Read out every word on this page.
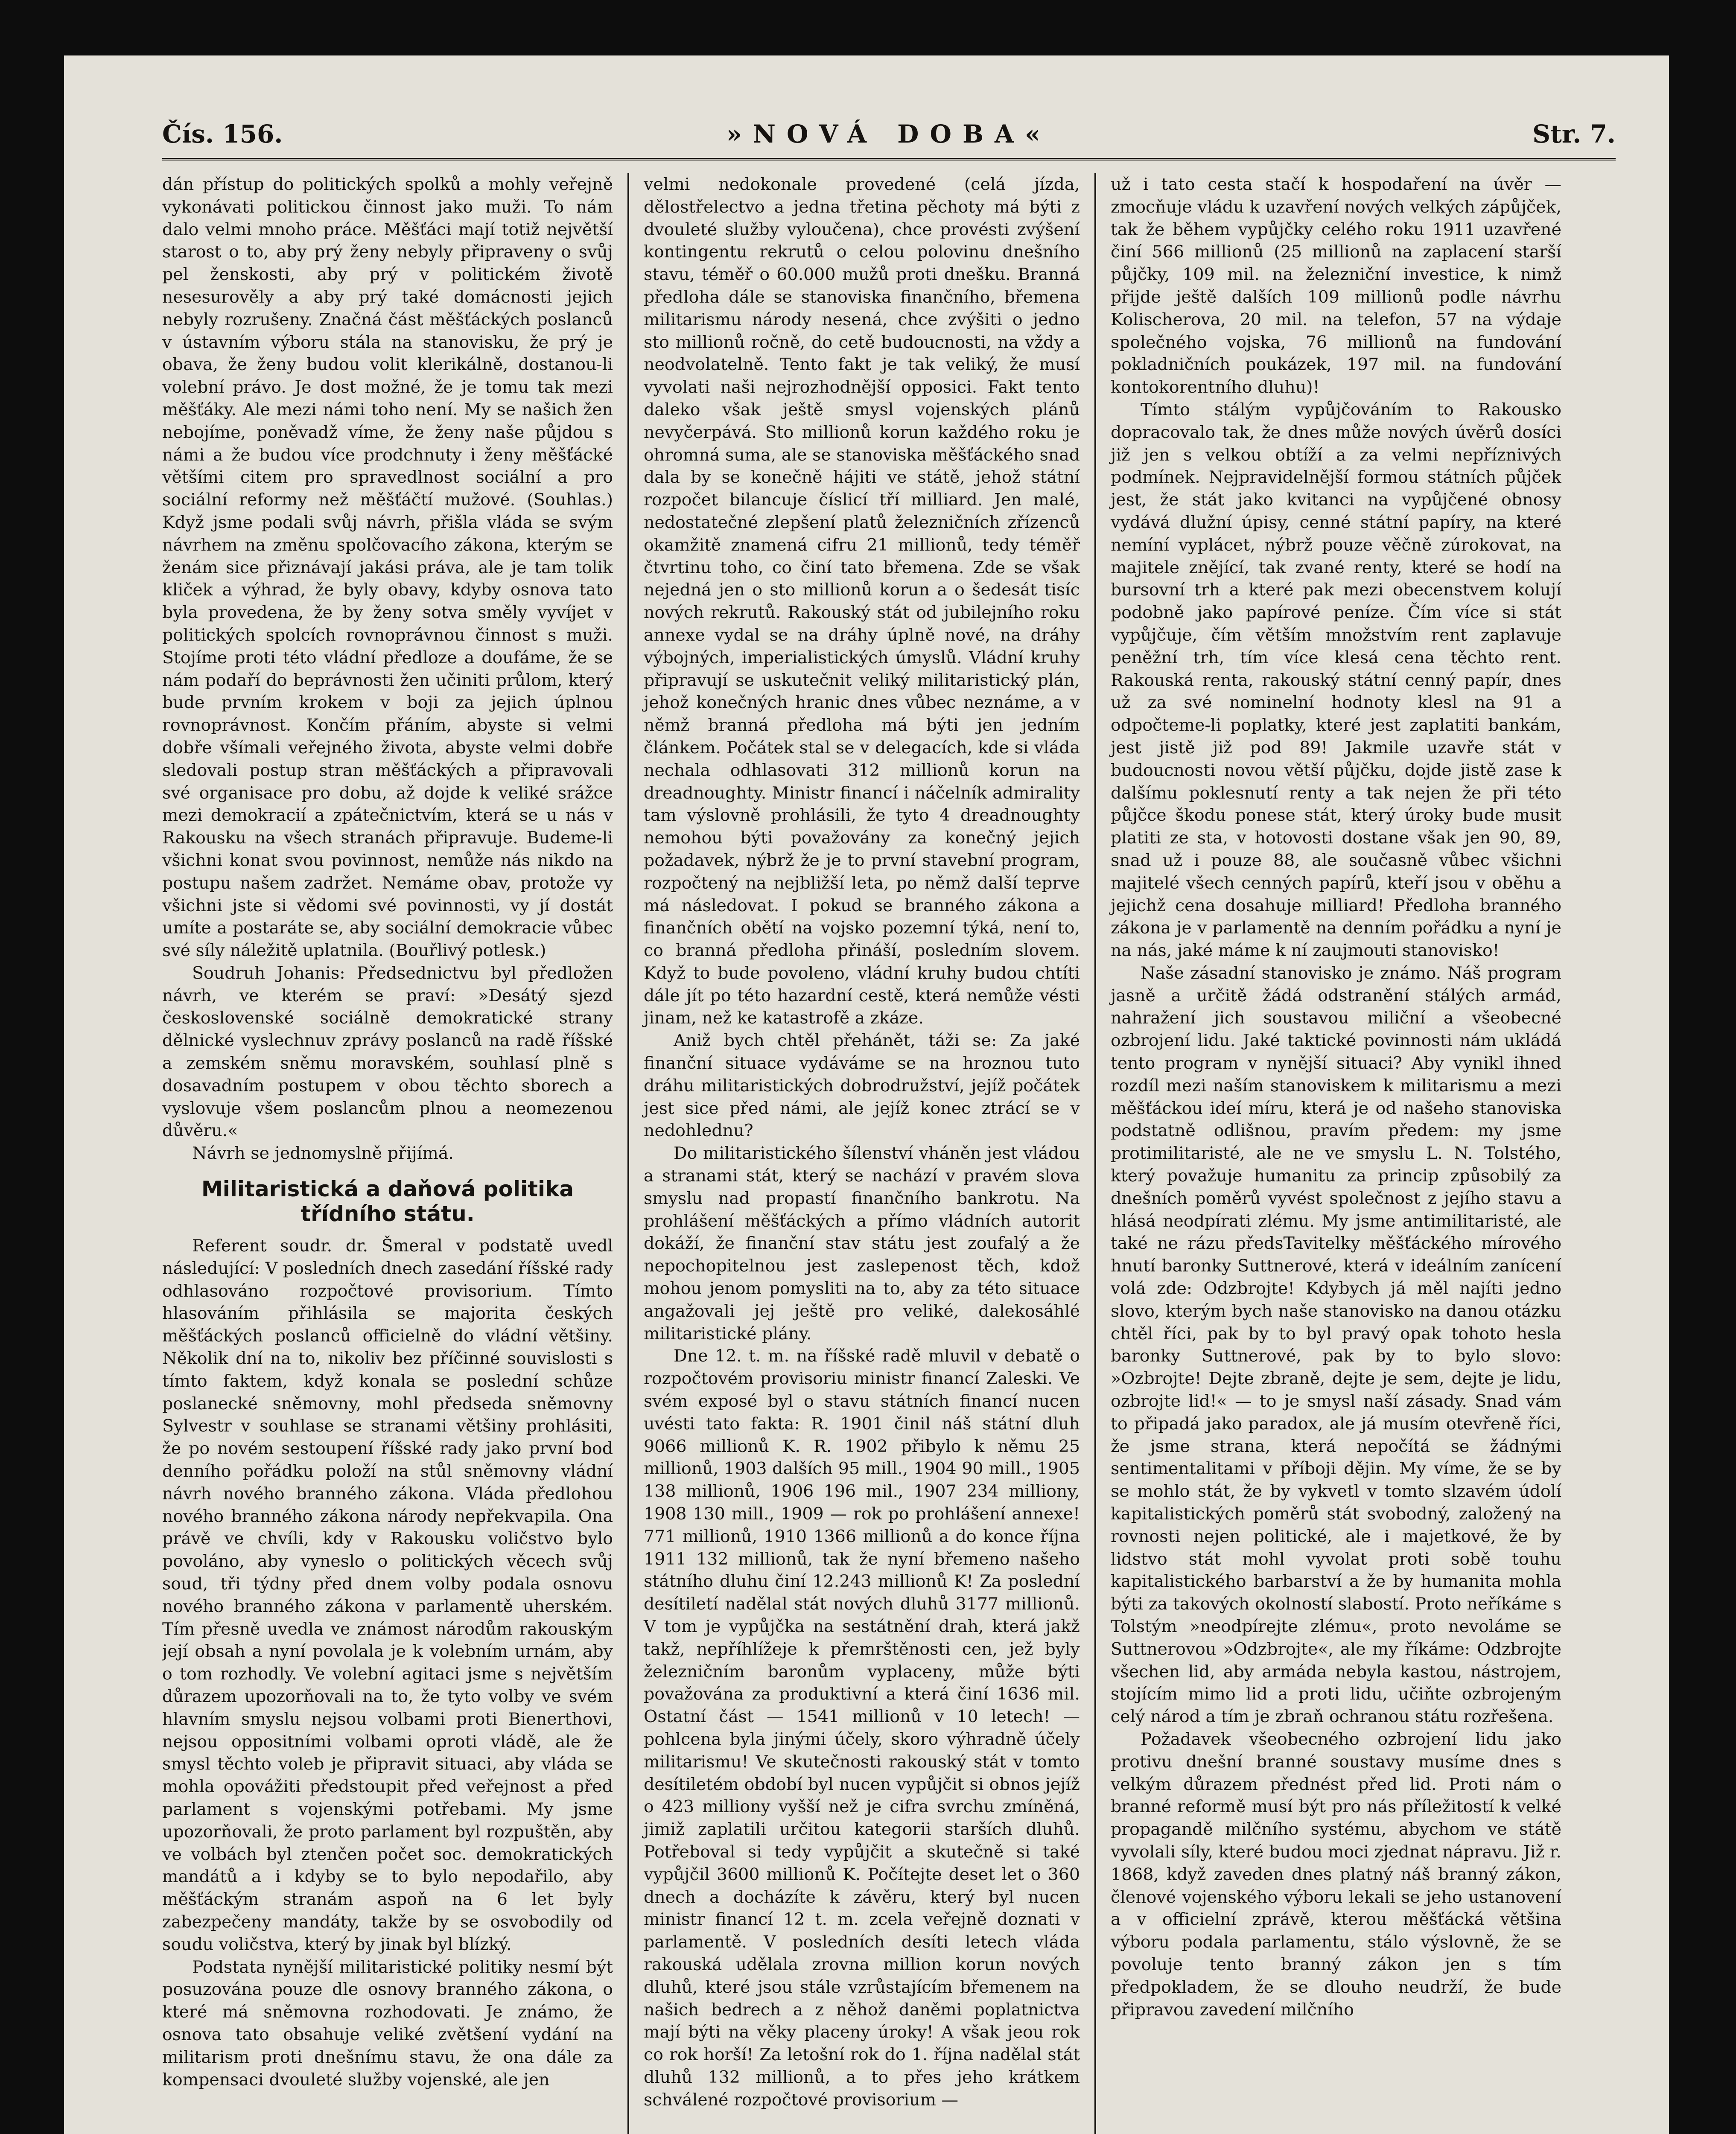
Čís. 156.	»NOVÁ DOBA«	Str. 7.

dán přístup do politických spolků a mohly veřejně vykonávati politickou činnost jako muži. To nám dalo velmi mnoho práce. Měšťáci mají totiž největší starost o to, aby prý ženy nebyly připraveny o svůj pel ženskosti, aby prý v politickém životě nesesurověly a aby prý také domácnosti jejich nebyly rozrušeny. Značná část měšťáckých poslanců v ústavním výboru stála na stanovisku, že prý je obava, že ženy budou volit klerikálně, dostanou-li volební právo. Je dost možné, že je tomu tak mezi měšťáky. Ale mezi námi toho není. My se našich žen nebojíme, poněvadž víme, že ženy naše půjdou s námi a že budou více prodchnuty i ženy měšťácké většími citem pro spravedlnost sociální a pro sociální reformy než měšťáčtí mužové. (Souhlas.) Když jsme podali svůj návrh, přišla vláda se svým návrhem na změnu spolčovacího zákona, kterým se ženám sice přiznávají jakási práva, ale je tam tolik kliček a výhrad, že byly obavy, kdyby osnova tato byla provedena, že by ženy sotva směly vyvíjet v politických spolcích rovnoprávnou činnost s muži. Stojíme proti této vládní předloze a doufáme, že se nám podaří do beprávnosti žen učiniti průlom, který bude prvním krokem v boji za jejich úplnou rovnoprávnost. Končím přáním, abyste si velmi dobře všímali veřejného života, abyste velmi dobře sledovali postup stran měšťáckých a připravovali své organisace pro dobu, až dojde k veliké srážce mezi demokracií a zpátečnictvím, která se u nás v Rakousku na všech stranách připravuje. Budeme-li všichni konat svou povinnost, nemůže nás nikdo na postupu našem zadržet. Nemáme obav, protože vy všichni jste si vědomi své povinnosti, vy jí dostát umíte a postaráte se, aby sociální demokracie vůbec své síly náležitě uplatnila. (Bouřlivý potlesk.)

Soudruh Johanis: Předsednictvu byl předložen návrh, ve kterém se praví: »Desátý sjezd československé sociálně demokratické strany dělnické vyslechnuv zprávy poslanců na radě říšské a zemském sněmu moravském, souhlasí plně s dosavadním postupem v obou těchto sborech a vyslovuje všem poslancům plnou a neomezenou důvěru.«

Návrh se jednomyslně přijímá.

Militaristická a daňová politika třídního státu.

Referent soudr. dr. Šmeral v podstatě uvedl následující: V posledních dnech zasedání říšské rady odhlasováno rozpočtové provisorium. Tímto hlasováním přihlásila se majorita českých měšťáckých poslanců officielně do vládní většiny. Několik dní na to, nikoliv bez příčinné souvislosti s tímto faktem, když konala se poslední schůze poslanecké sněmovny, mohl předseda sněmovny Sylvestr v souhlase se stranami většiny prohlásiti, že po novém sestoupení říšské rady jako první bod denního pořádku položí na stůl sněmovny vládní návrh nového branného zákona. Vláda předlohou nového branného zákona národy nepřekvapila. Ona právě ve chvíli, kdy v Rakousku voličstvo bylo povoláno, aby vyneslo o politických věcech svůj soud, tři týdny před dnem volby podala osnovu nového branného zákona v parlamentě uherském. Tím přesně uvedla ve známost národům rakouským její obsah a nyní povolala je k volebním urnám, aby o tom rozhodly. Ve volební agitaci jsme s největším důrazem upozorňovali na to, že tyto volby ve svém hlavním smyslu nejsou volbami proti Bienerthovi, nejsou oppositními volbami oproti vládě, ale že smysl těchto voleb je připravit situaci, aby vláda se mohla opovážiti předstoupit před veřejnost a před parlament s vojenskými potřebami. My jsme upozorňovali, že proto parlament byl rozpuštěn, aby ve volbách byl ztenčen počet soc. demokratických mandátů a i kdyby se to bylo nepodařilo, aby měšťáckým stranám aspoň na 6 let byly zabezpečeny mandáty, takže by se osvobodily od soudu voličstva, který by jinak byl blízký.

Podstata nynější militaristické politiky nesmí být posuzována pouze dle osnovy branného zákona, o které má sněmovna rozhodovati. Je známo, že osnova tato obsahuje veliké zvětšení vydání na militarism proti dnešnímu stavu, že ona dále za kompensaci dvouleté služby vojenské, ale jen

velmi nedokonale provedené (celá jízda, dělostřelectvo a jedna třetina pěchoty má býti z dvouleté služby vyloučena), chce provésti zvýšení kontingentu rekrutů o celou polovinu dnešního stavu, téměř o 60.000 mužů proti dnešku. Branná předloha dále se stanoviska finančního, břemena militarismu národy nesená, chce zvýšiti o jedno sto millionů ročně, do cetě budoucnosti, na vždy a neodvolatelně. Tento fakt je tak veliký, že musí vyvolati naši nejrozhodnější opposici. Fakt tento daleko však ještě smysl vojenských plánů nevyčerpává. Sto millionů korun každého roku je ohromná suma, ale se stanoviska měšťáckého snad dala by se konečně hájiti ve státě, jehož státní rozpočet bilancuje číslicí tří milliard. Jen malé, nedostatečné zlepšení platů železničních zřízenců okamžitě znamená cifru 21 millionů, tedy téměř čtvrtinu toho, co činí tato břemena. Zde se však nejedná jen o sto millionů korun a o šedesát tisíc nových rekrutů. Rakouský stát od jubilejního roku annexe vydal se na dráhy úplně nové, na dráhy výbojných, imperialistických úmyslů. Vládní kruhy připravují se uskutečnit veliký militaristický plán, jehož konečných hranic dnes vůbec neznáme, a v němž branná předloha má býti jen jedním článkem. Počátek stal se v delegacích, kde si vláda nechala odhlasovati 312 millionů korun na dreadnoughty. Ministr financí i náčelník admirality tam výslovně prohlásili, že tyto 4 dreadnoughty nemohou býti považovány za konečný jejich požadavek, nýbrž že je to první stavební program, rozpočtený na nejbližší leta, po němž další teprve má následovat. I pokud se branného zákona a finančních obětí na vojsko pozemní týká, není to, co branná předloha přináší, posledním slovem. Když to bude povoleno, vládní kruhy budou chtíti dále jít po této hazardní cestě, která nemůže vésti jinam, než ke katastrofě a zkáze.

Aniž bych chtěl přehánět, táži se: Za jaké finanční situace vydáváme se na hroznou tuto dráhu militaristických dobrodružství, jejíž počátek jest sice před námi, ale jejíž konec ztrácí se v nedohlednu?

Do militaristického šílenství vháněn jest vládou a stranami stát, který se nachází v pravém slova smyslu nad propastí finančního bankrotu. Na prohlášení měšťáckých a přímo vládních autorit dokáží, že finanční stav státu jest zoufalý a že nepochopitelnou jest zaslepenost těch, kdož mohou jenom pomysliti na to, aby za této situace angažovali jej ještě pro veliké, dalekosáhlé militaristické plány.

Dne 12. t. m. na říšské radě mluvil v debatě o rozpočtovém provisoriu ministr financí Zaleski. Ve svém exposé byl o stavu státních financí nucen uvésti tato fakta: R. 1901 činil náš státní dluh 9066 millionů K. R. 1902 přibylo k němu 25 millionů, 1903 dalších 95 mill., 1904 90 mill., 1905 138 millionů, 1906 196 mil., 1907 234 milliony, 1908 130 mill., 1909 — rok po prohlášení annexe! 771 millionů, 1910 1366 millionů a do konce října 1911 132 millionů, tak že nyní břemeno našeho státního dluhu činí 12.243 millionů K! Za poslední desítiletí nadělal stát nových dluhů 3177 millionů. V tom je vypůjčka na sestátnění drah, která jakž takž, nepříhlížeje k přemrštěnosti cen, jež byly železničním baronům vyplaceny, může býti považována za produktivní a která činí 1636 mil. Ostatní část — 1541 millionů v 10 letech! — pohlcena byla jinými účely, skoro výhradně účely militarismu! Ve skutečnosti rakouský stát v tomto desítiletém období byl nucen vypůjčit si obnos jejíž o 423 milliony vyšší než je cifra svrchu zmíněná, jimiž zaplatili určitou kategorii starších dluhů. Potřeboval si tedy vypůjčit a skutečně si také vypůjčil 3600 millionů K. Počítejte deset let o 360 dnech a docházíte k závěru, který byl nucen ministr financí 12 t. m. zcela veřejně doznati v parlamentě. V posledních desíti letech vláda rakouská udělala zrovna million korun nových dluhů, které jsou stále vzrůstajícím břemenem na našich bedrech a z něhož daněmi poplatnictva mají býti na věky placeny úroky! A však jeou rok co rok horší! Za letošní rok do 1. října nadělal stát dluhů 132 millionů, a to přes jeho krátkem schválené rozpočtové provisorium —

už i tato cesta stačí k hospodaření na úvěr — zmocňuje vládu k uzavření nových velkých zápůjček, tak že během vypůjčky celého roku 1911 uzavřené činí 566 millionů (25 millionů na zaplacení starší půjčky, 109 mil. na železniční investice, k nimž přijde ještě dalších 109 millionů podle návrhu Kolischerova, 20 mil. na telefon, 57 na výdaje společného vojska, 76 millionů na fundování pokladničních poukázek, 197 mil. na fundování kontokorentního dluhu)!

Tímto stálým vypůjčováním to Rakousko dopracovalo tak, že dnes může nových úvěrů dosíci již jen s velkou obtíží a za velmi nepříznivých podmínek. Nejpravidelnější formou státních půjček jest, že stát jako kvitanci na vypůjčené obnosy vydává dlužní úpisy, cenné státní papíry, na které nemíní vyplácet, nýbrž pouze věčně zúrokovat, na majitele znějící, tak zvané renty, které se hodí na bursovní trh a které pak mezi obecenstvem kolují podobně jako papírové peníze. Čím více si stát vypůjčuje, čím větším množstvím rent zaplavuje peněžní trh, tím více klesá cena těchto rent. Rakouská renta, rakouský státní cenný papír, dnes už za své nominelní hodnoty klesl na 91 a odpočteme-li poplatky, které jest zaplatiti bankám, jest jistě již pod 89! Jakmile uzavře stát v budoucnosti novou větší půjčku, dojde jistě zase k dalšímu poklesnutí renty a tak nejen že při této půjčce škodu ponese stát, který úroky bude musit platiti ze sta, v hotovosti dostane však jen 90, 89, snad už i pouze 88, ale současně vůbec všichni majitelé všech cenných papírů, kteří jsou v oběhu a jejichž cena dosahuje milliard! Předloha branného zákona je v parlamentě na denním pořádku a nyní je na nás, jaké máme k ní zaujmouti stanovisko!

Naše zásadní stanovisko je známo. Náš program jasně a určitě žádá odstranění stálých armád, nahražení jich soustavou miliční a všeobecné ozbrojení lidu. Jaké taktické povinnosti nám ukládá tento program v nynější situaci? Aby vynikl ihned rozdíl mezi naším stanoviskem k militarismu a mezi měšťáckou ideí míru, která je od našeho stanoviska podstatně odlišnou, pravím předem: my jsme protimilitaristé, ale ne ve smyslu L. N. Tolstého, který považuje humanitu za princip způsobilý za dnešních poměrů vyvést společnost z jejího stavu a hlásá neodpírati zlému. My jsme antimilitaristé, ale také ne rázu předsTavitelky měšťáckého mírového hnutí baronky Suttnerové, která v ideálním zanícení volá zde: Odzbrojte! Kdybych já měl najíti jedno slovo, kterým bych naše stanovisko na danou otázku chtěl říci, pak by to byl pravý opak tohoto hesla baronky Suttnerové, pak by to bylo slovo: »Ozbrojte! Dejte zbraně, dejte je sem, dejte je lidu, ozbrojte lid!« — to je smysl naší zásady. Snad vám to připadá jako paradox, ale já musím otevřeně říci, že jsme strana, která nepočítá se žádnými sentimentalitami v příboji dějin. My víme, že se by se mohlo stát, že by vykvetl v tomto slzavém údolí kapitalistických poměrů stát svobodný, založený na rovnosti nejen politické, ale i majetkové, že by lidstvo stát mohl vyvolat proti sobě touhu kapitalistického barbarství a že by humanita mohla býti za takových okolností slabostí. Proto neříkáme s Tolstým »neodpírejte zlému«, proto nevoláme se Suttnerovou »Odzbrojte«, ale my říkáme: Odzbrojte všechen lid, aby armáda nebyla kastou, nástrojem, stojícím mimo lid a proti lidu, učiňte ozbrojeným celý národ a tím je zbraň ochranou státu rozřešena.

Požadavek všeobecného ozbrojení lidu jako protivu dnešní branné soustavy musíme dnes s velkým důrazem přednést před lid. Proti nám o branné reformě musí být pro nás příležitostí k velké propagandě milčního systému, abychom ve státě vyvolali síly, které budou moci zjednat nápravu. Již r. 1868, když zaveden dnes platný náš branný zákon, členové vojenského výboru lekali se jeho ustanovení a v officielní zprávě, kterou měšťácká většina výboru podala parlamentu, stálo výslovně, že se povoluje tento branný zákon jen s tím předpokladem, že se dlouho neudrží, že bude připravou zavedení milčního
